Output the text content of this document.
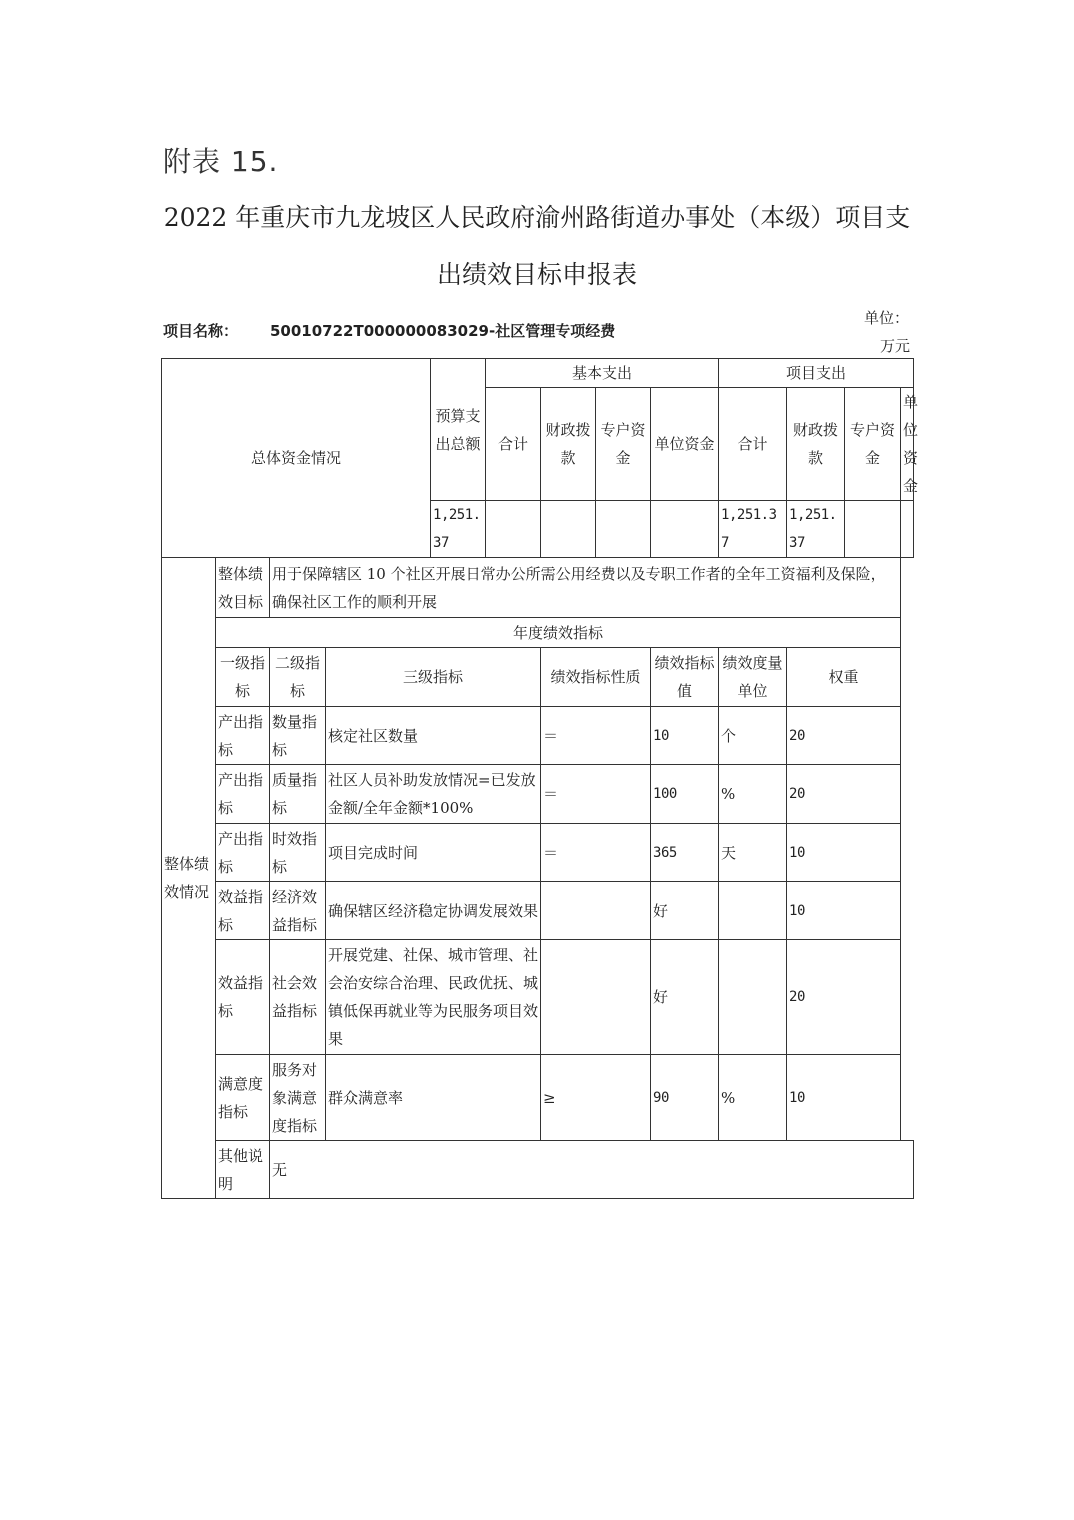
附表 15.
2022 年重庆市九龙坡区人民政府渝州路街道办事处（本级）项目支
出绩效目标申报表
项目名称： 50010722T000000083029-社区管理专项经费
单位：
万元
总体资金情况				预算支出总额	基本支出				项目支出			
					合计	财政拨款	专户资金	单位资金	合计	财政拨款	专户资金	单位资金
				1,251.37					1,251.37	1,251.37		
整体绩效情况	整体绩效目标	用于保障辖区 10 个社区开展日常办公所需公用经费以及专职工作者的全年工资福利及保险，确保社区工作的顺利开展										
	年度绩效指标											
	一级指标	二级指标	三级指标			绩效指标性质		绩效指标值	绩效度量单位	权重		
	产出指标	数量指标	核定社区数量			＝		10	个	20		
	产出指标	质量指标	社区人员补助发放情况=已发放金额/全年金额*100%			＝		100	%	20		
	产出指标	时效指标	项目完成时间			＝		365	天	10		
	效益指标	经济效益指标	确保辖区经济稳定协调发展效果					好		10		
	效益指标	社会效益指标	开展党建、社保、城市管理、社会治安综合治理、民政优抚、城镇低保再就业等为民服务项目效果					好		20		
	满意度指标	服务对象满意度指标	群众满意率			≥		90	%	10		
	其他说明	无										
